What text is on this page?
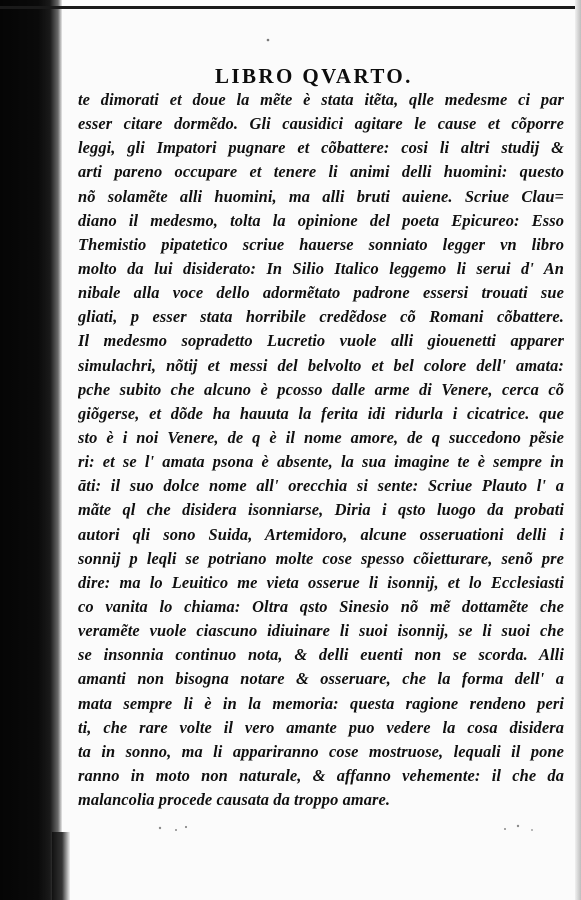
LIBRO QVARTO.
te dimorati et doue la mẽte è stata itẽta, qlle medesme ci par
esser citare dormẽdo. Gli causidici agitare le cause et cõporre
leggi, gli Impatori pugnare et cõbattere: cosi li altri studij &
arti pareno occupare et tenere li animi delli huomini: questo
nõ solamẽte alli huomini, ma alli bruti auiene. Scriue Clau=
diano il medesmo, tolta la opinione del poeta Epicureo: Esso
Themistio pipatetico scriue hauerse sonniato legger vn libro
molto da lui disiderato: In Silio Italico leggemo li serui d' An
nibale alla voce dello adormẽtato padrone essersi trouati sue
gliati, p esser stata horribile credẽdose cõ Romani cõbattere.
Il medesmo sopradetto Lucretio vuole alli giouenetti apparer
simulachri, nõtij et messi del belvolto et bel colore dell' amata:
pche subito che alcuno è pcosso dalle arme di Venere, cerca cõ
giõgerse, et dõde ha hauuta la ferita idi ridurla i cicatrice. que
sto è i noi Venere, de q è il nome amore, de q succedono pẽsie
ri: et se l' amata psona è absente, la sua imagine te è sempre in
āti: il suo dolce nome all' orecchia si sente: Scriue Plauto l' a
mãte ql che disidera isonniarse, Diria i qsto luogo da probati
autori qli sono Suida, Artemidoro, alcune osseruationi delli i
sonnij p leqli se potriano molte cose spesso cõietturare, senõ pre
dire: ma lo Leuitico me vieta osserue li isonnij, et lo Ecclesiasti
co vanita lo chiama: Oltra qsto Sinesio nõ mẽ dottamẽte che
veramẽte vuole ciascuno idiuinare li suoi isonnij, se li suoi che
se insonnia continuo nota, & delli euenti non se scorda. Alli
amanti non bisogna notare & osseruare, che la forma dell' a
mata sempre li è in la memoria: questa ragione rendeno peri
ti, che rare volte il vero amante puo vedere la cosa disidera
ta in sonno, ma li appariranno cose mostruose, lequali il pone
ranno in moto non naturale, & affanno vehemente: il che da
malancolia procede causata da troppo amare.
